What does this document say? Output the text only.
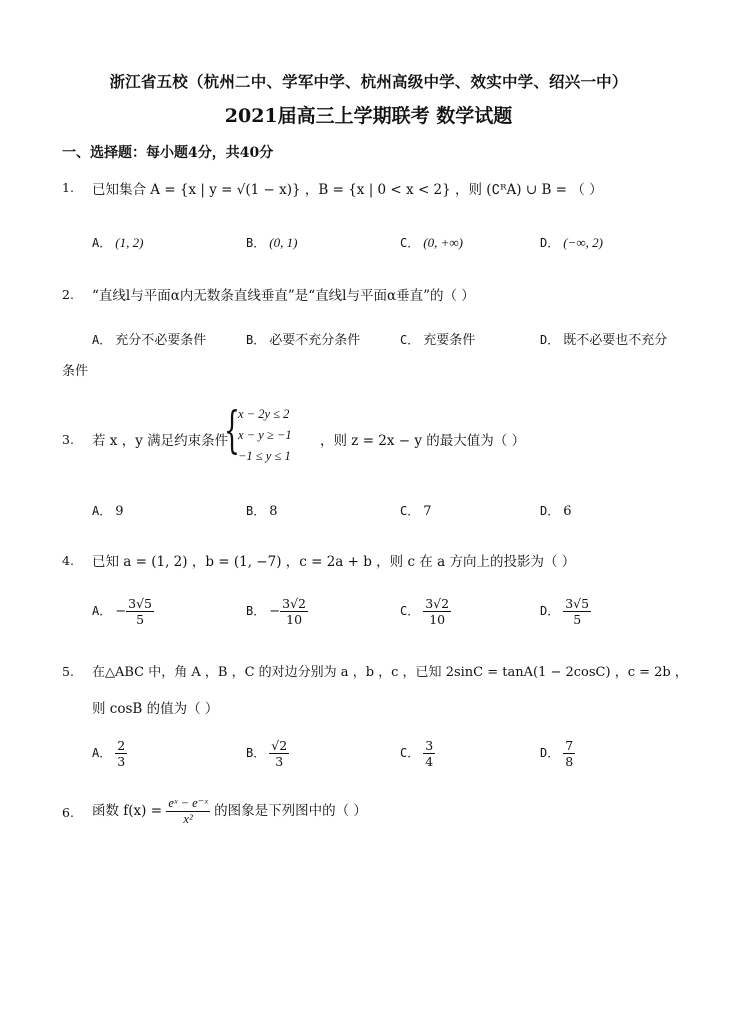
浙江省五校（杭州二中、学军中学、杭州高级中学、效实中学、绍兴一中）
2021届高三上学期联考 数学试题
一、选择题：每小题4分，共40分
1. 已知集合 A = {x | y = √(1 − x)} ，B = {x | 0 < x < 2} ，则 (∁ᴿA) ∪ B = （ ）
A． (1, 2)	B． (0, 1)	C． (0, +∞)	D． (−∞, 2)
2. “直线l与平面α内无数条直线垂直”是“直线l与平面α垂直”的（ ）
A． 充分不必要条件	B． 必要不充分条件	C． 充要条件	D． 既不必要也不充分
条件
3. 若 x ，y 满足约束条件
{
x − 2y ≤ 2
x − y ≥ −1
−1 ≤ y ≤ 1
，则 z = 2x − y 的最大值为（ ）
A． 9	B． 8	C． 7	D． 6
4. 已知 a = (1, 2) ，b = (1, −7) ，c = 2a + b ，则 c 在 a 方向上的投影为（ ）
A． − $\frac{3√5}{5}$	B． − $\frac{3√2}{10}$	C． $\frac{3√2}{10}$	D． $\frac{3√5}{5}$
5. 在△ABC 中，角 A ，B ，C 的对边分别为 a ，b ，c ，已知 2sinC = tanA(1 − 2cosC) ，c = 2b ，
则 cosB 的值为（ ）
A． $\frac{2}{3}$	B． $\frac{√2}{3}$	C． $\frac{3}{4}$	D． $\frac{7}{8}$
6. 函数 $f(x) = \frac{\text{eˣ − e⁻ˣ}}{\text{x²}}$ 的图象是下列图中的（ ）
